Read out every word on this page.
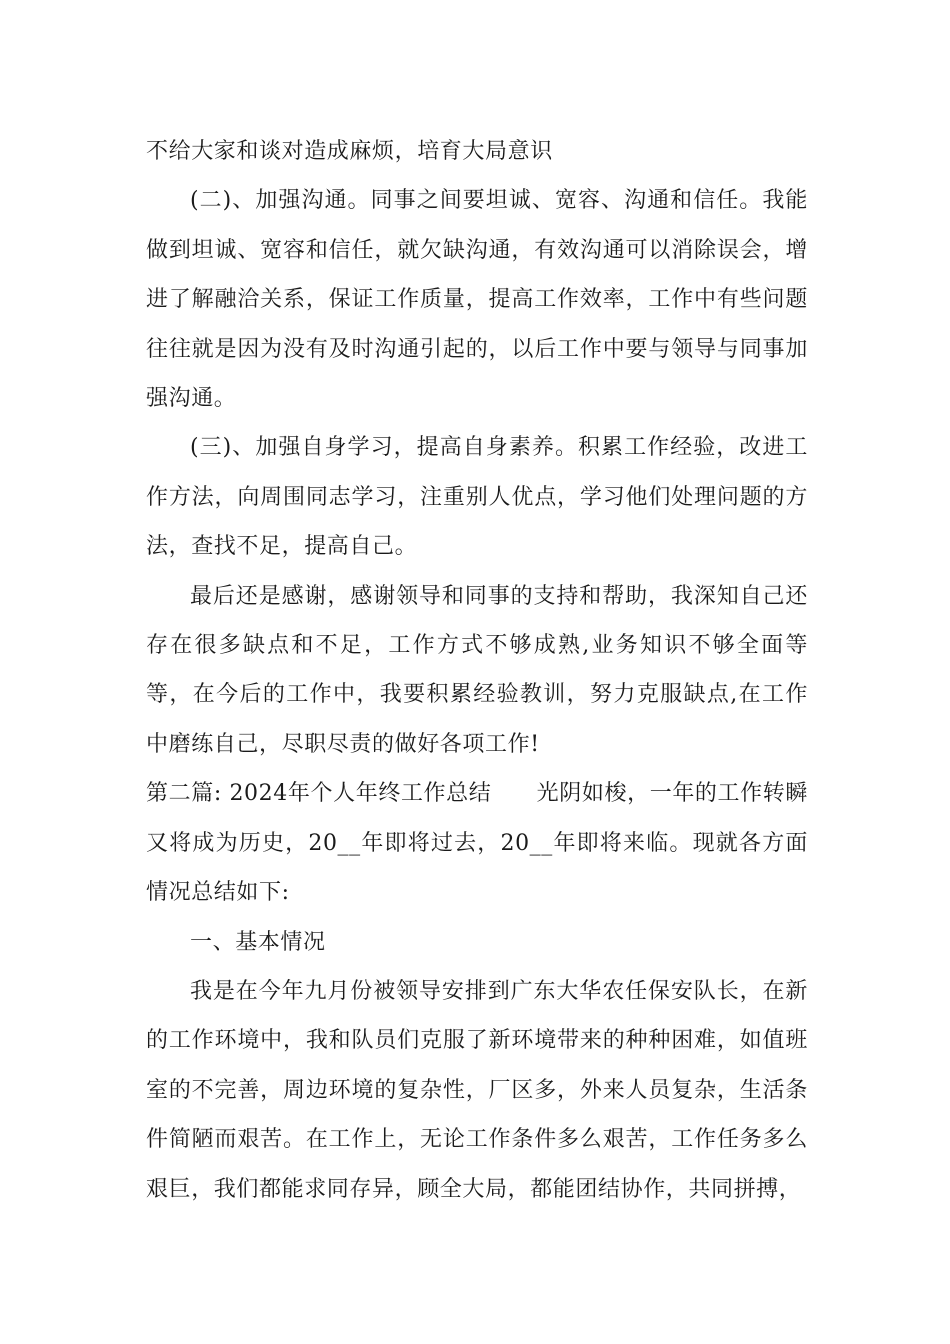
不给大家和谈对造成麻烦，培育大局意识

(二)、加强沟通。同事之间要坦诚、宽容、沟通和信任。我能做到坦诚、宽容和信任，就欠缺沟通，有效沟通可以消除误会，增进了解融洽关系，保证工作质量，提高工作效率，工作中有些问题往往就是因为没有及时沟通引起的，以后工作中要与领导与同事加强沟通。

(三)、加强自身学习，提高自身素养。积累工作经验，改进工作方法，向周围同志学习，注重别人优点，学习他们处理问题的方法，查找不足，提高自己。

最后还是感谢，感谢领导和同事的支持和帮助，我深知自己还存在很多缺点和不足，工作方式不够成熟,业务知识不够全面等等，在今后的工作中，我要积累经验教训，努力克服缺点,在工作中磨练自己，尽职尽责的做好各项工作!

第二篇: 2024年个人年终工作总结　　光阴如梭，一年的工作转瞬又将成为历史，20__年即将过去，20__年即将来临。现就各方面情况总结如下:

一、基本情况

我是在今年九月份被领导安排到广东大华农任保安队长，在新的工作环境中，我和队员们克服了新环境带来的种种困难，如值班室的不完善，周边环境的复杂性，厂区多，外来人员复杂，生活条件简陋而艰苦。在工作上，无论工作条件多么艰苦，工作任务多么艰巨，我们都能求同存异，顾全大局，都能团结协作，共同拼搏，
